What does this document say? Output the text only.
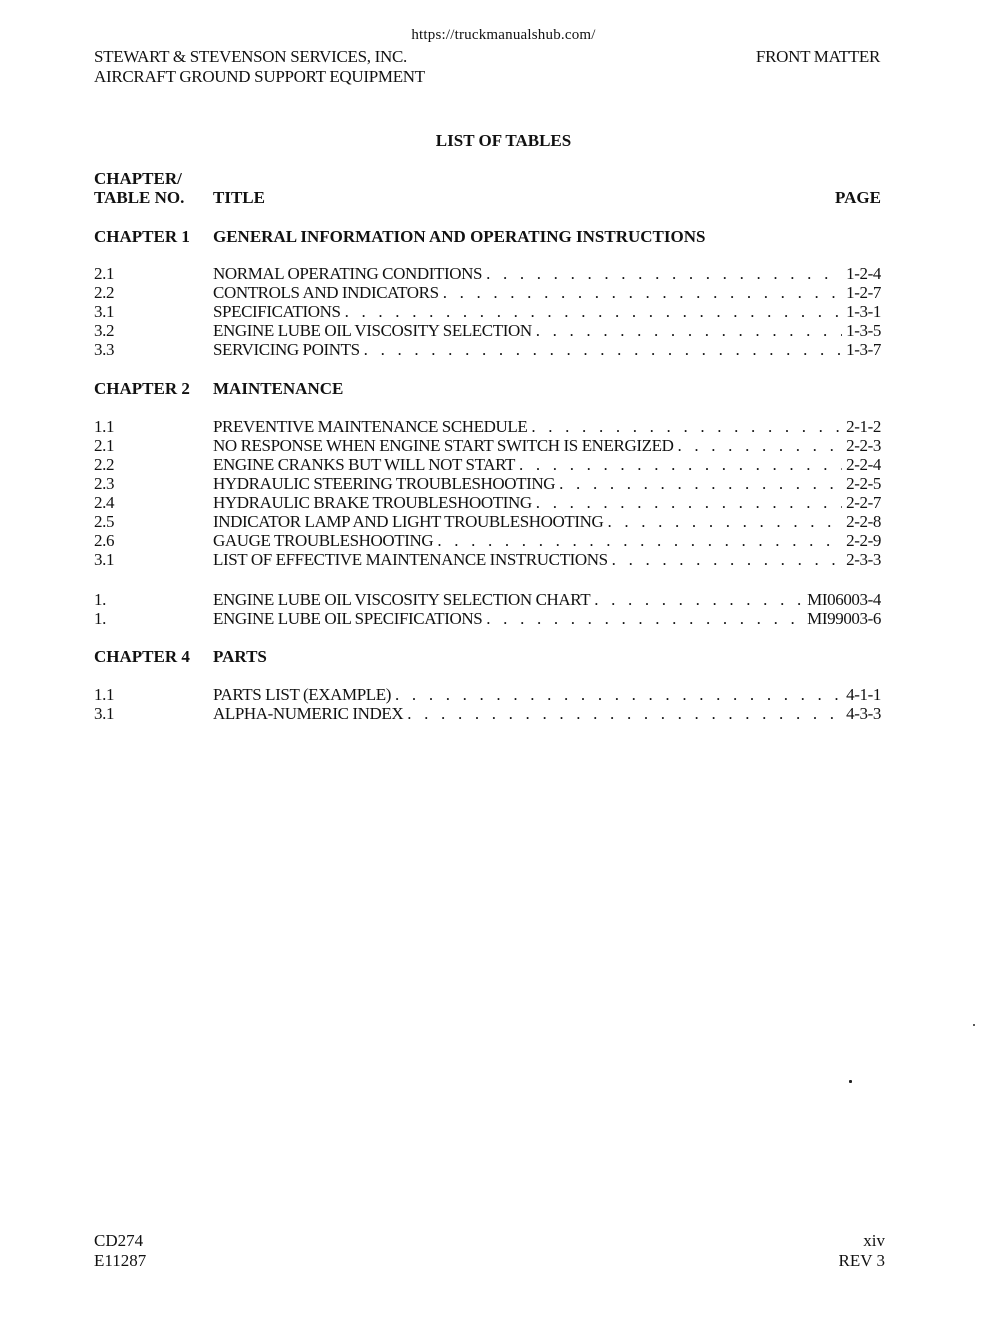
https://truckmanualshub.com/
STEWART & STEVENSON SERVICES, INC.
AIRCRAFT GROUND SUPPORT EQUIPMENT
FRONT MATTER
LIST OF TABLES
CHAPTER/
TABLE NO.	TITLE	PAGE
CHAPTER 1 GENERAL INFORMATION AND OPERATING INSTRUCTIONS
2.1	NORMAL OPERATING CONDITIONS . . .	1-2-4
2.2	CONTROLS AND INDICATORS . . .	1-2-7
3.1	SPECIFICATIONS . . .	1-3-1
3.2	ENGINE LUBE OIL VISCOSITY SELECTION . . .	1-3-5
3.3	SERVICING POINTS . . .	1-3-7
CHAPTER 2 MAINTENANCE
1.1	PREVENTIVE MAINTENANCE SCHEDULE . . .	2-1-2
2.1	NO RESPONSE WHEN ENGINE START SWITCH IS ENERGIZED . . .	2-2-3
2.2	ENGINE CRANKS BUT WILL NOT START . . .	2-2-4
2.3	HYDRAULIC STEERING TROUBLESHOOTING . . .	2-2-5
2.4	HYDRAULIC BRAKE TROUBLESHOOTING . . .	2-2-7
2.5	INDICATOR LAMP AND LIGHT TROUBLESHOOTING . . .	2-2-8
2.6	GAUGE TROUBLESHOOTING . . .	2-2-9
3.1	LIST OF EFFECTIVE MAINTENANCE INSTRUCTIONS . . .	2-3-3
1.	ENGINE LUBE OIL VISCOSITY SELECTION CHART . . .	MI06003-4
1.	ENGINE LUBE OIL SPECIFICATIONS . . .	MI99003-6
CHAPTER 4 PARTS
1.1	PARTS LIST (EXAMPLE) . . .	4-1-1
3.1	ALPHA-NUMERIC INDEX . . .	4-3-3
CD274
E11287
xiv
REV 3
